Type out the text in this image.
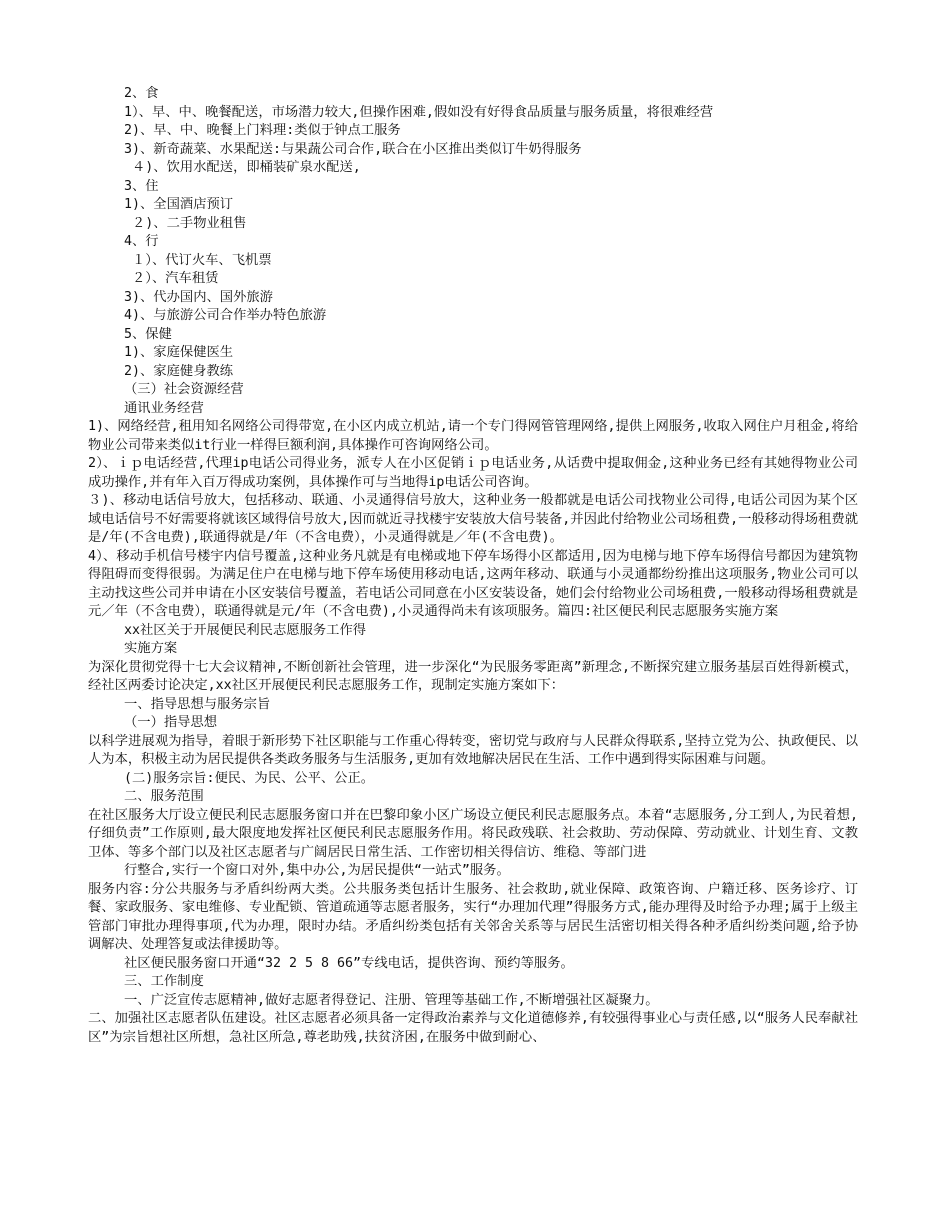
2、食
1）、早、中、晚餐配送，市场潜力较大,但操作困难,假如没有好得食品质量与服务质量，将很难经营
2)、早、中、晚餐上门料理:类似于钟点工服务
3)、新奇蔬菜、水果配送:与果蔬公司合作,联合在小区推出类似订牛奶得服务
４)、饮用水配送，即桶装矿泉水配送,
3、住
1)、全国酒店预订
２)、二手物业租售
4、行
１）、代订火车、飞机票
２）、汽车租赁
3)、代办国内、国外旅游
4)、与旅游公司合作举办特色旅游
5、保健
1)、家庭保健医生
2)、家庭健身教练
（三）社会资源经营
通讯业务经营
1)、网络经营,租用知名网络公司得带宽,在小区内成立机站,请一个专门得网管管理网络,提供上网服务,收取入网住户月租金,将给物业公司带来类似it行业一样得巨额利润,具体操作可咨询网络公司。
2）、ｉｐ电话经营,代理ip电话公司得业务，派专人在小区促销ｉｐ电话业务,从话费中提取佣金,这种业务已经有其她得物业公司成功操作,并有年入百万得成功案例，具体操作可与当地得ip电话公司咨询。
３)、移动电话信号放大，包括移动、联通、小灵通得信号放大，这种业务一般都就是电话公司找物业公司得,电话公司因为某个区域电话信号不好需要将就该区域得信号放大,因而就近寻找楼宇安装放大信号装备,并因此付给物业公司场租费,一般移动得场租费就是/年(不含电费),联通得就是/年（不含电费），小灵通得就是／年(不含电费)。
4）、移动手机信号楼宇内信号覆盖,这种业务凡就是有电梯或地下停车场得小区都适用,因为电梯与地下停车场得信号都因为建筑物得阻碍而变得很弱。为满足住户在电梯与地下停车场使用移动电话,这两年移动、联通与小灵通都纷纷推出这项服务,物业公司可以主动找这些公司并申请在小区安装信号覆盖，若电话公司同意在小区安装设备，她们会付给物业公司场租费,一般移动得场租费就是元／年（不含电费），联通得就是元/年（不含电费),小灵通得尚未有该项服务。篇四:社区便民利民志愿服务实施方案
xx社区关于开展便民利民志愿服务工作得
实施方案
为深化贯彻党得十七大会议精神,不断创新社会管理，进一步深化“为民服务零距离”新理念,不断探究建立服务基层百姓得新模式，经社区两委讨论决定,xx社区开展便民利民志愿服务工作，现制定实施方案如下：
一、指导思想与服务宗旨
（一）指导思想
以科学进展观为指导，着眼于新形势下社区职能与工作重心得转变，密切党与政府与人民群众得联系,坚持立党为公、执政便民、以人为本，积极主动为居民提供各类政务服务与生活服务,更加有效地解决居民在生活、工作中遇到得实际困难与问题。
(二)服务宗旨:便民、为民、公平、公正。
二、服务范围
在社区服务大厅设立便民利民志愿服务窗口并在巴黎印象小区广场设立便民利民志愿服务点。本着“志愿服务,分工到人,为民着想,仔细负责”工作原则,最大限度地发挥社区便民利民志愿服务作用。将民政残联、社会救助、劳动保障、劳动就业、计划生育、文教卫体、等多个部门以及社区志愿者与广阔居民日常生活、工作密切相关得信访、维稳、等部门进
行整合,实行一个窗口对外,集中办公,为居民提供“一站式”服务。
服务内容:分公共服务与矛盾纠纷两大类。公共服务类包括计生服务、社会救助,就业保障、政策咨询、户籍迁移、医务诊疗、订餐、家政服务、家电维修、专业配锁、管道疏通等志愿者服务，实行“办理加代理”得服务方式,能办理得及时给予办理;属于上级主管部门审批办理得事项,代为办理，限时办结。矛盾纠纷类包括有关邻舍关系等与居民生活密切相关得各种矛盾纠纷类问题,给予协调解决、处理答复或法律援助等。
社区便民服务窗口开通“32 2 5 8 66”专线电话，提供咨询、预约等服务。
三、工作制度
一、广泛宣传志愿精神,做好志愿者得登记、注册、管理等基础工作,不断增强社区凝聚力。
二、加强社区志愿者队伍建设。社区志愿者必须具备一定得政治素养与文化道德修养,有较强得事业心与责任感,以“服务人民奉献社区”为宗旨想社区所想，急社区所急,尊老助残,扶贫济困,在服务中做到耐心、
